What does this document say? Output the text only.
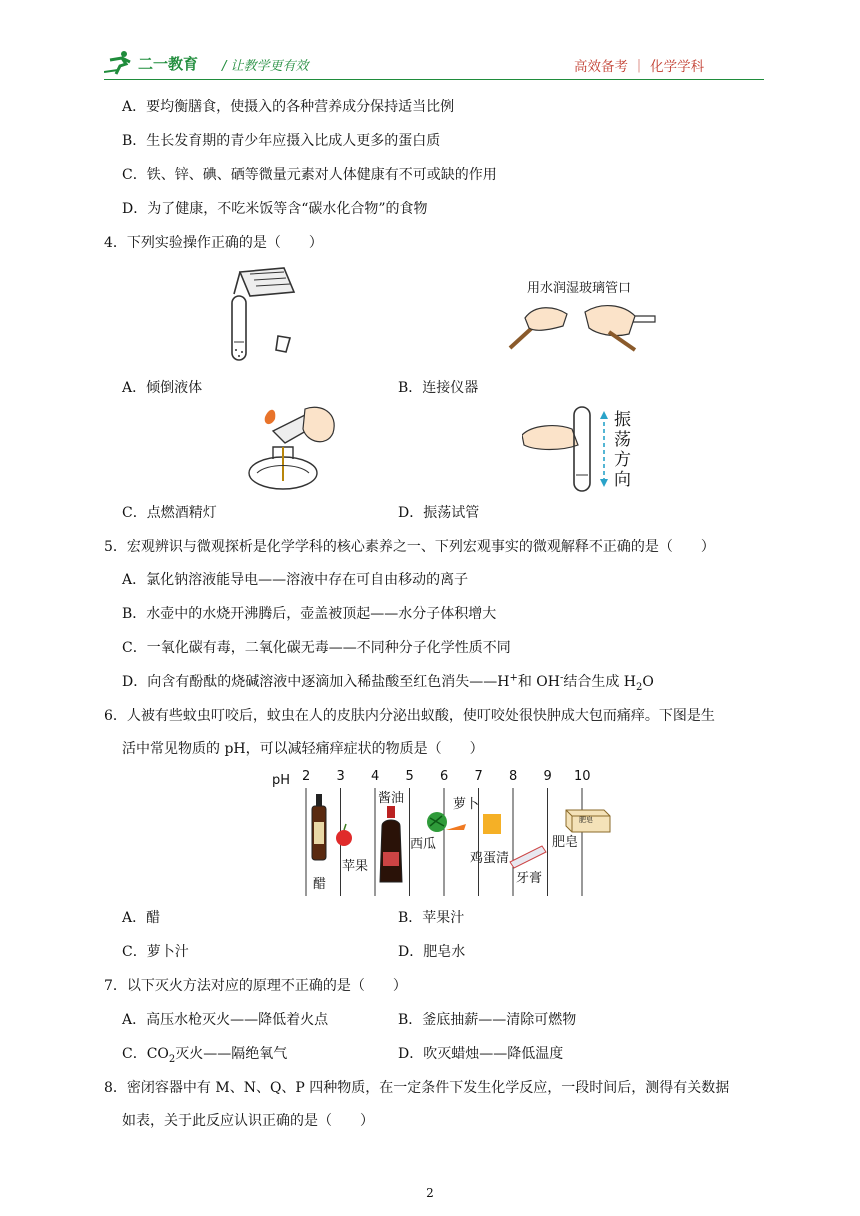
二一教育 / 让教学更有效	高效备考 ｜ 化学学科
A．要均衡膳食，使摄入的各种营养成分保持适当比例
B．生长发育期的青少年应摄入比成人更多的蛋白质
C．铁、锌、碘、硒等微量元素对人体健康有不可或缺的作用
D．为了健康，不吃米饭等含“碳水化合物”的食物
4．下列实验操作正确的是（　　）
用水润湿玻璃管口
A．倾倒液体	B．连接仪器
振
荡
方
向
C．点燃酒精灯	D．振荡试管
5．宏观辨识与微观探析是化学学科的核心素养之一、下列宏观事实的微观解释不正确的是（　　）
A．氯化钠溶液能导电——溶液中存在可自由移动的离子
B．水壶中的水烧开沸腾后，壶盖被顶起——水分子体积增大
C．一氧化碳有毒，二氧化碳无毒——不同种分子化学性质不同
D．向含有酚酞的烧碱溶液中逐滴加入稀盐酸至红色消失——H+和 OH-结合生成 $H_2O$
6．人被有些蚊虫叮咬后，蚊虫在人的皮肤内分泌出蚁酸，使叮咬处很快肿成大包而痛痒。下图是生
活中常见物质的 pH，可以减轻痛痒症状的物质是（　　）
pH 2 3 4 5 6 7 8 9 10
酱油	萝卜
西瓜
苹果
鸡蛋清
肥皂
牙膏
醋
肥皂
A．醋	B．苹果汁
C．萝卜汁	D．肥皂水
7．以下灭火方法对应的原理不正确的是（　　）
A．高压水枪灭火——降低着火点	B．釜底抽薪——清除可燃物
C．$CO_2$灭火——隔绝氧气	D．吹灭蜡烛——降低温度
8．密闭容器中有 M、N、Q、P 四种物质，在一定条件下发生化学反应，一段时间后，测得有关数据
如表，关于此反应认识正确的是（　　）
2
